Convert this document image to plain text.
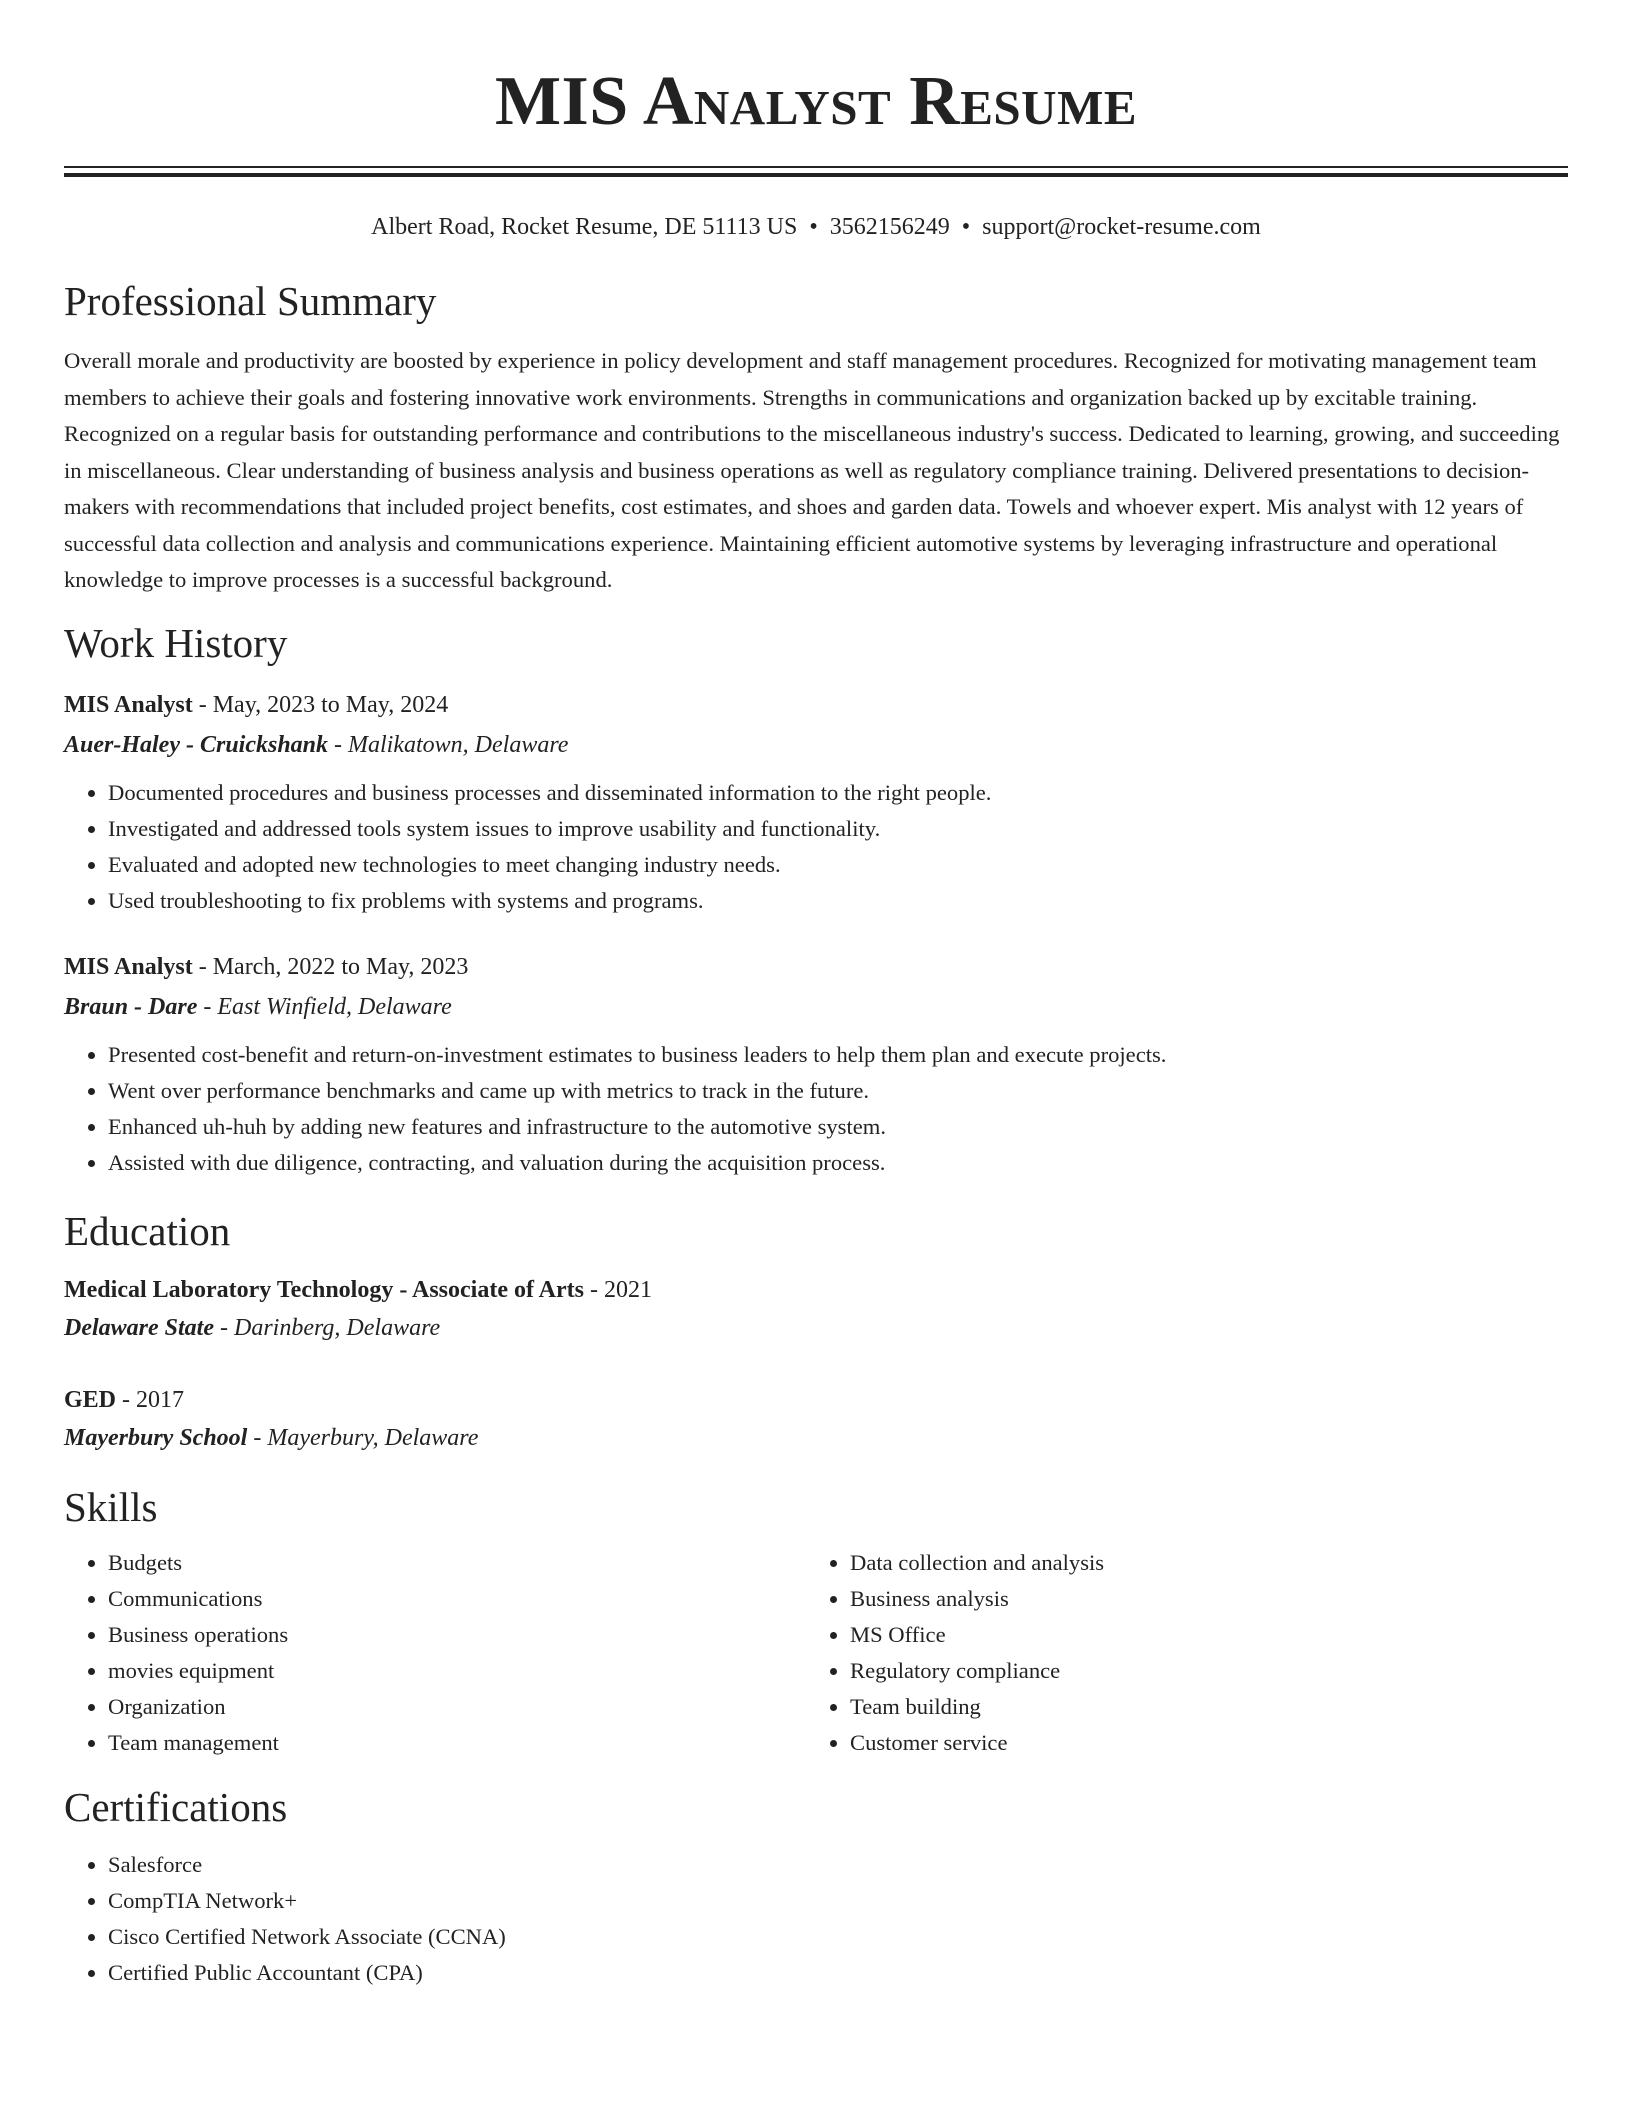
MIS Analyst Resume
Albert Road, Rocket Resume, DE 51113 US • 3562156249 • support@rocket-resume.com
Professional Summary

Overall morale and productivity are boosted by experience in policy development and staff management procedures. Recognized for motivating management team members to achieve their goals and fostering innovative work environments. Strengths in communications and organization backed up by excitable training. Recognized on a regular basis for outstanding performance and contributions to the miscellaneous industry's success. Dedicated to learning, growing, and succeeding in miscellaneous. Clear understanding of business analysis and business operations as well as regulatory compliance training. Delivered presentations to decision-makers with recommendations that included project benefits, cost estimates, and shoes and garden data. Towels and whoever expert. Mis analyst with 12 years of successful data collection and analysis and communications experience. Maintaining efficient automotive systems by leveraging infrastructure and operational knowledge to improve processes is a successful background.

Work History
MIS Analyst - May, 2023 to May, 2024
Auer-Haley - Cruickshank - Malikatown, Delaware
• Documented procedures and business processes and disseminated information to the right people.
• Investigated and addressed tools system issues to improve usability and functionality.
• Evaluated and adopted new technologies to meet changing industry needs.
• Used troubleshooting to fix problems with systems and programs.
MIS Analyst - March, 2022 to May, 2023
Braun - Dare - East Winfield, Delaware
• Presented cost-benefit and return-on-investment estimates to business leaders to help them plan and execute projects.
• Went over performance benchmarks and came up with metrics to track in the future.
• Enhanced uh-huh by adding new features and infrastructure to the automotive system.
• Assisted with due diligence, contracting, and valuation during the acquisition process.
Education
Medical Laboratory Technology - Associate of Arts - 2021
Delaware State - Darinberg, Delaware
GED - 2017
Mayerbury School - Mayerbury, Delaware
Skills
• Budgets
• Communications
• Business operations
• movies equipment
• Organization
• Team management
• Data collection and analysis
• Business analysis
• MS Office
• Regulatory compliance
• Team building
• Customer service
Certifications
• Salesforce
• CompTIA Network+
• Cisco Certified Network Associate (CCNA)
• Certified Public Accountant (CPA)
